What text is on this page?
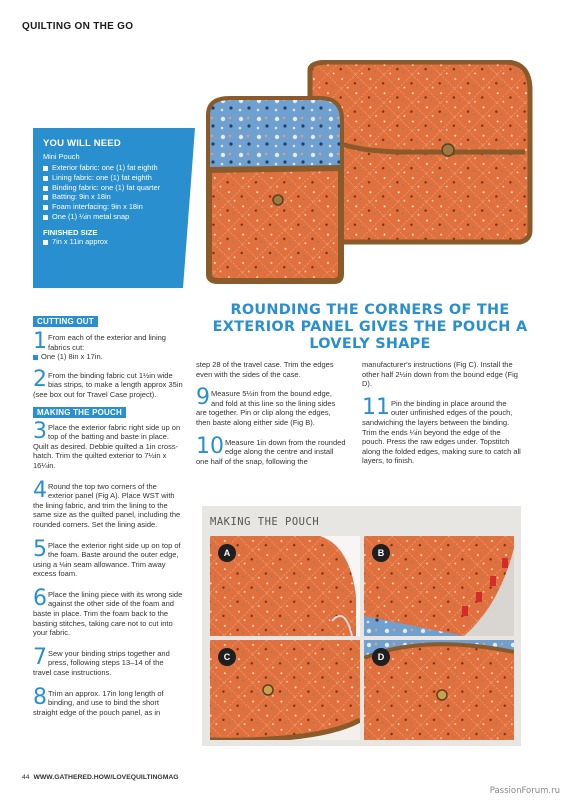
QUILTING ON THE GO
YOU WILL NEED
Mini Pouch
Exterior fabric: one (1) fat eighth
Lining fabric: one (1) fat eighth
Binding fabric: one (1) fat quarter
Batting: 9in x 18in
Foam interfacing: 9in x 18in
One (1) ¼in metal snap
FINISHED SIZE
7in x 11in approx
ROUNDING THE CORNERS OF THE EXTERIOR PANEL GIVES THE POUCH A LOVELY SHAPE
CUTTING OUT
1 From each of the exterior and lining fabrics cut:
One (1) 8in x 17in.
2 From the binding fabric cut 1½in wide bias strips, to make a length approx 35in (see box out for Travel Case project).
MAKING THE POUCH
3 Place the exterior fabric right side up on top of the batting and baste in place. Quilt as desired. Debbie quilted a 1in cross-hatch. Trim the quilted exterior to 7½in x 16¼in.
4 Round the top two corners of the exterior panel (Fig A). Place WST with the lining fabric, and trim the lining to the same size as the quilted panel, including the rounded corners. Set the lining aside.
5 Place the exterior right side up on top of the foam. Baste around the outer edge, using a ⅛in seam allowance. Trim away excess foam.
6 Place the lining piece with its wrong side against the other side of the foam and baste in place. Trim the foam back to the basting stitches, taking care not to cut into your fabric.
7 Sew your binding strips together and press, following steps 13–14 of the travel case instructions.
8 Trim an approx. 17in long length of binding, and use to bind the short straight edge of the pouch panel, as in
step 28 of the travel case. Trim the edges even with the sides of the case.
9 Measure 5½in from the bound edge, and fold at this line so the lining sides are together. Pin or clip along the edges, then baste along either side (Fig B).
10 Measure 1in down from the rounded edge along the centre and install one half of the snap, following the
manufacturer's instructions (Fig C). Install the other half 2½in down from the bound edge (Fig D).
11 Pin the binding in place around the outer unfinished edges of the pouch, sandwiching the layers between the binding. Trim the ends ¼in beyond the edge of the pouch. Press the raw edges under. Topstitch along the folded edges, making sure to catch all layers, to finish.
MAKING THE POUCH
A	B
C	D
44 WWW.GATHERED.HOW/LOVEQUILTINGMAG
PassionForum.ru
